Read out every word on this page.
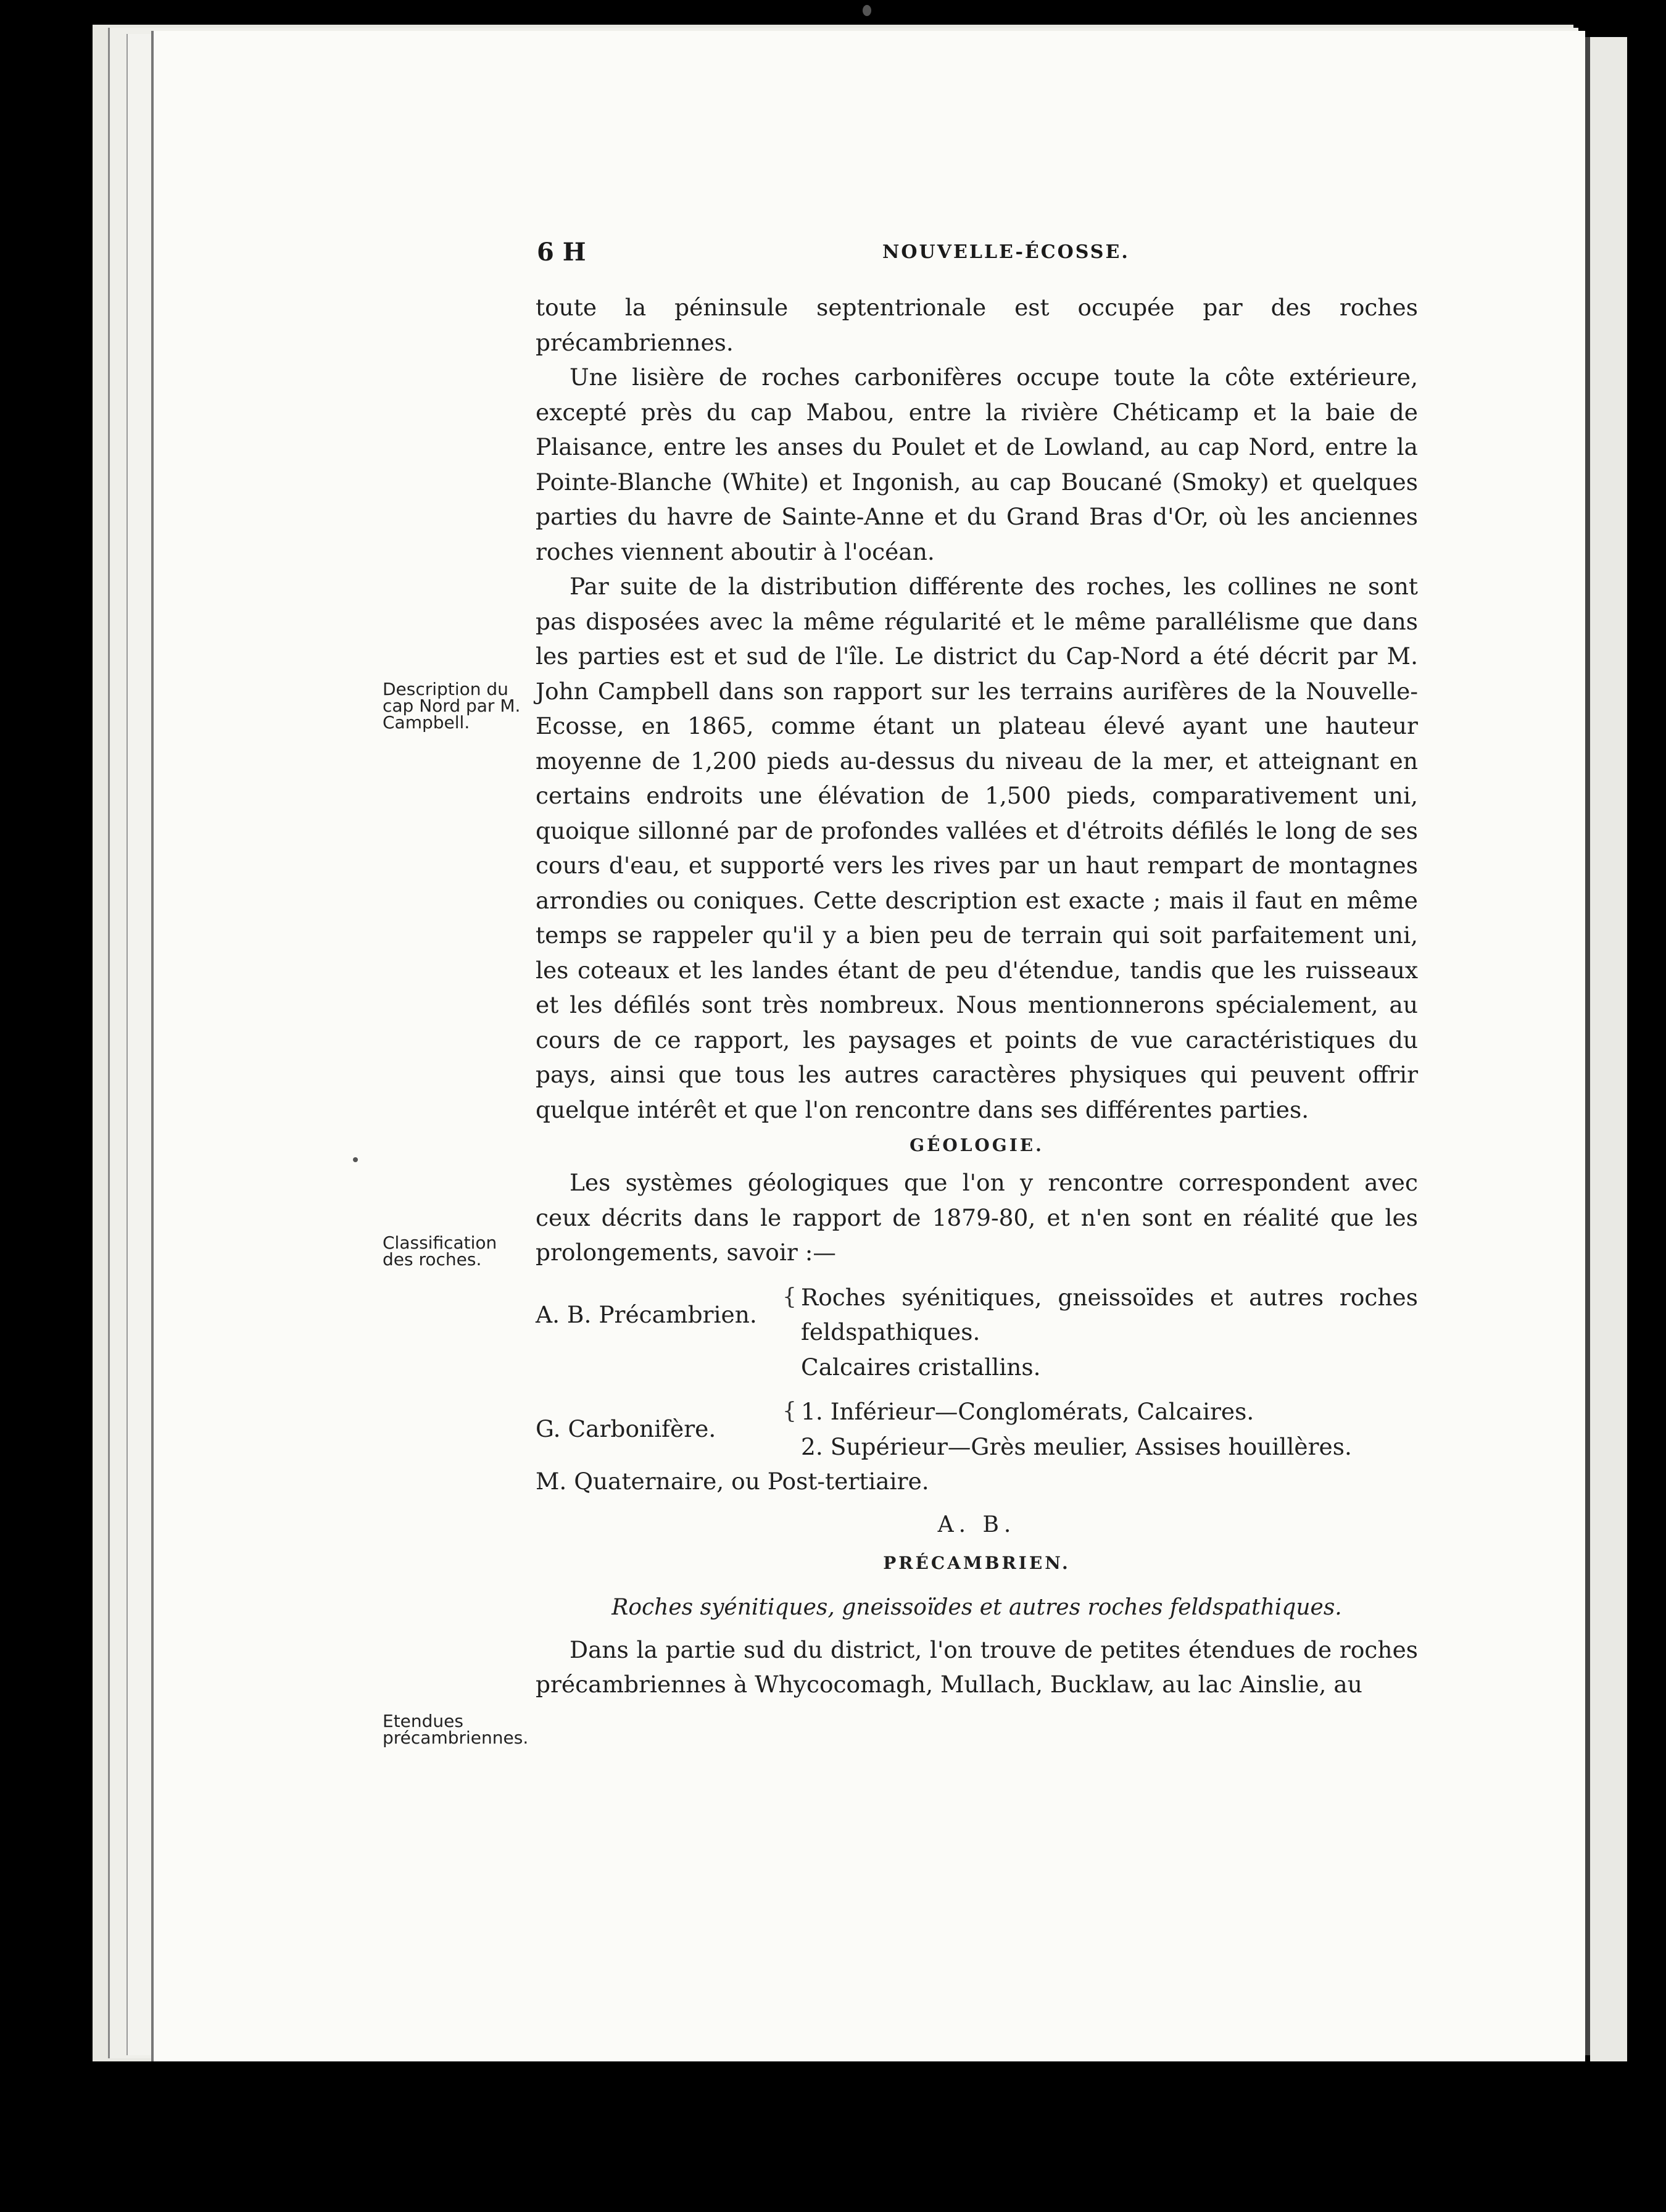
6 H	NOUVELLE-ÉCOSSE.
Description du cap Nord par M. Campbell.
Classification des roches.
Etendues précambriennes.

toute la péninsule septentrionale est occupée par des roches précambriennes.

Une lisière de roches carbonifères occupe toute la côte extérieure, excepté près du cap Mabou, entre la rivière Chéticamp et la baie de Plaisance, entre les anses du Poulet et de Lowland, au cap Nord, entre la Pointe-Blanche (White) et Ingonish, au cap Boucané (Smoky) et quelques parties du havre de Sainte-Anne et du Grand Bras d'Or, où les anciennes roches viennent aboutir à l'océan.

Par suite de la distribution différente des roches, les collines ne sont pas disposées avec la même régularité et le même parallélisme que dans les parties est et sud de l'île. Le district du Cap-Nord a été décrit par M. John Campbell dans son rapport sur les terrains aurifères de la Nouvelle-Ecosse, en 1865, comme étant un plateau élevé ayant une hauteur moyenne de 1,200 pieds au-dessus du niveau de la mer, et atteignant en certains endroits une élévation de 1,500 pieds, comparativement uni, quoique sillonné par de profondes vallées et d'étroits défilés le long de ses cours d'eau, et supporté vers les rives par un haut rempart de montagnes arrondies ou coniques. Cette description est exacte ; mais il faut en même temps se rappeler qu'il y a bien peu de terrain qui soit parfaitement uni, les coteaux et les landes étant de peu d'étendue, tandis que les ruisseaux et les défilés sont très nombreux. Nous mentionnerons spécialement, au cours de ce rapport, les paysages et points de vue caractéristiques du pays, ainsi que tous les autres caractères physiques qui peuvent offrir quelque intérêt et que l'on rencontre dans ses différentes parties.

GÉOLOGIE.

Les systèmes géologiques que l'on y rencontre correspondent avec ceux décrits dans le rapport de 1879-80, et n'en sont en réalité que les prolongements, savoir :—

A. B. Précambrien.
{ Roches syénitiques, gneissoïdes et autres roches feldspathiques.
Calcaires cristallins.
G. Carbonifère.
{ 1. Inférieur—Conglomérats, Calcaires.
2. Supérieur—Grès meulier, Assises houillères.
M. Quaternaire, ou Post-tertiaire.
A. B.
PRÉCAMBRIEN.
Roches syénitiques, gneissoïdes et autres roches feldspathiques.

Dans la partie sud du district, l'on trouve de petites étendues de roches précambriennes à Whycocomagh, Mullach, Bucklaw, au lac Ainslie, au
